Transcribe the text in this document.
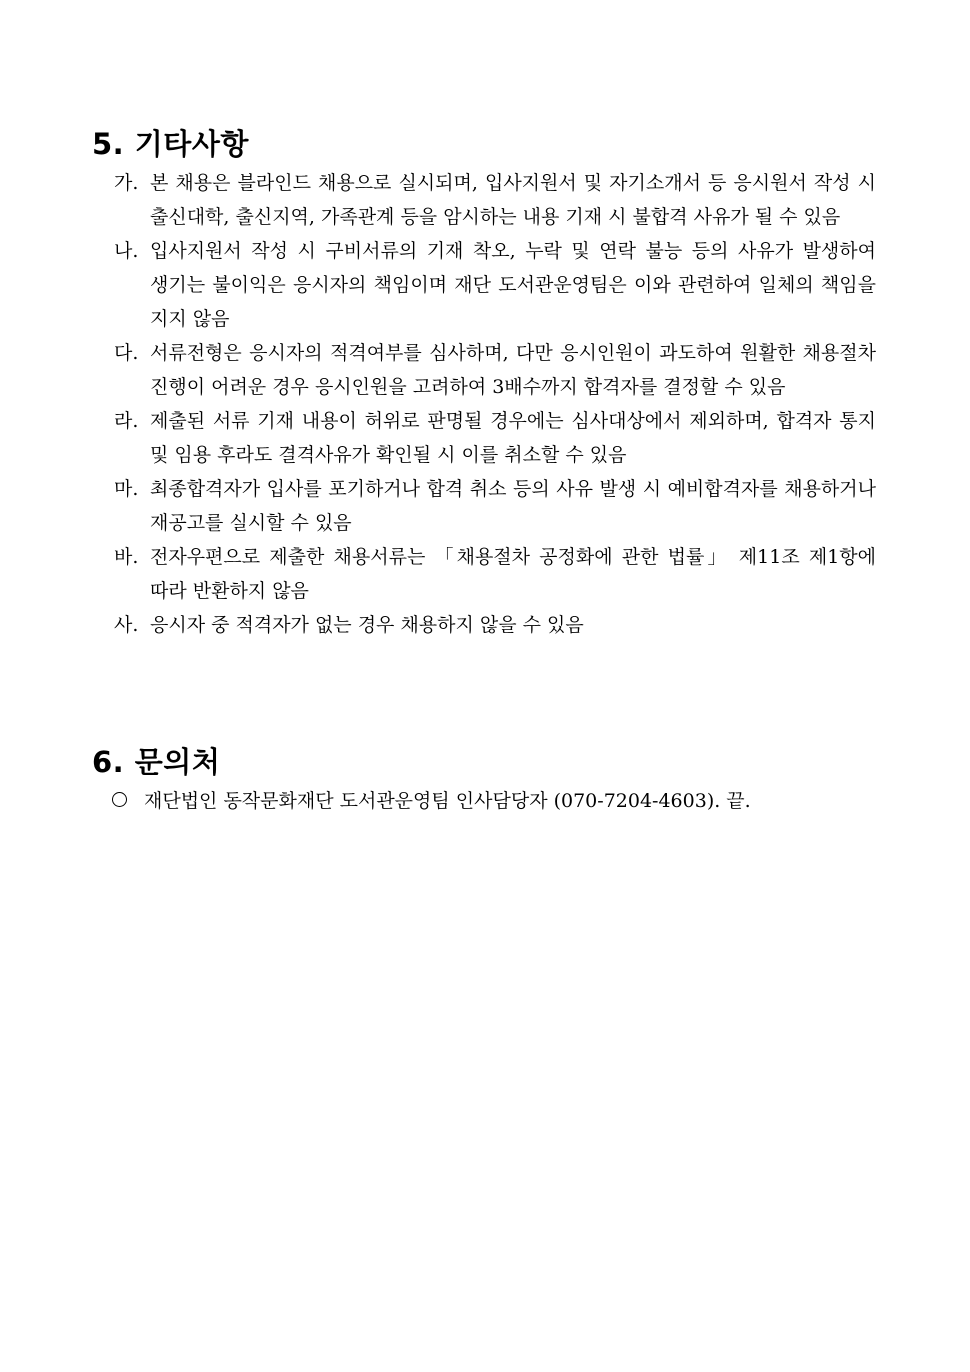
5. 기타사항
가. 본 채용은 블라인드 채용으로 실시되며, 입사지원서 및 자기소개서 등 응시원서 작성 시 출신대학, 출신지역, 가족관계 등을 암시하는 내용 기재 시 불합격 사유가 될 수 있음
나. 입사지원서 작성 시 구비서류의 기재 착오, 누락 및 연락 불능 등의 사유가 발생하여 생기는 불이익은 응시자의 책임이며 재단 도서관운영팀은 이와 관련하여 일체의 책임을 지지 않음
다. 서류전형은 응시자의 적격여부를 심사하며, 다만 응시인원이 과도하여 원활한 채용절차 진행이 어려운 경우 응시인원을 고려하여 3배수까지 합격자를 결정할 수 있음
라. 제출된 서류 기재 내용이 허위로 판명될 경우에는 심사대상에서 제외하며, 합격자 통지 및 임용 후라도 결격사유가 확인될 시 이를 취소할 수 있음
마. 최종합격자가 입사를 포기하거나 합격 취소 등의 사유 발생 시 예비합격자를 채용하거나 재공고를 실시할 수 있음
바. 전자우편으로 제출한 채용서류는 「채용절차 공정화에 관한 법률」 제11조 제1항에 따라 반환하지 않음
사. 응시자 중 적격자가 없는 경우 채용하지 않을 수 있음
6. 문의처
재단법인 동작문화재단 도서관운영팀 인사담당자 (070-7204-4603). 끝.
